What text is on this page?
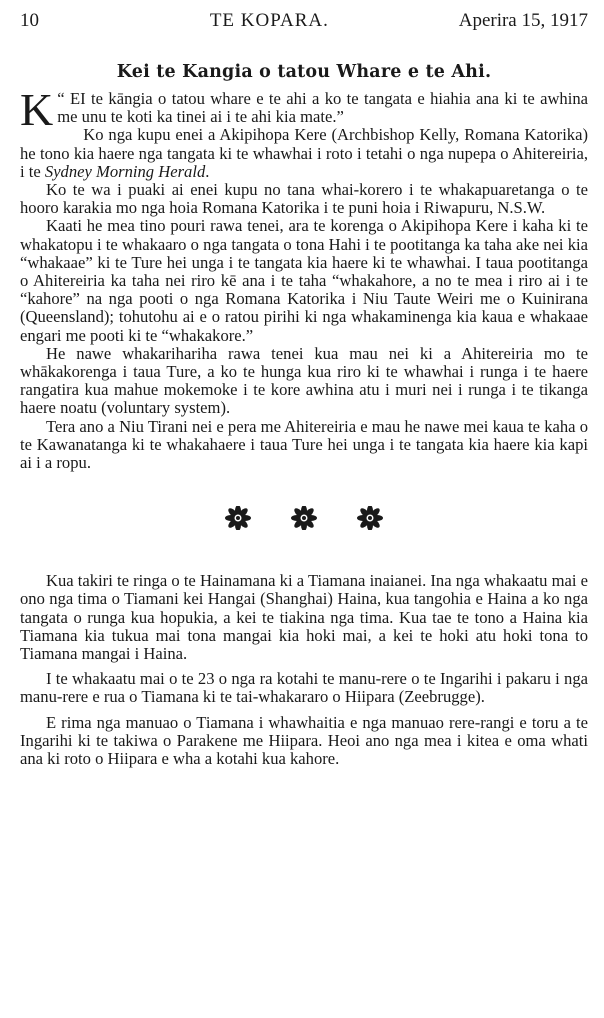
10	TE KOPARA.	Aperira 15, 1917
Kei te Kangia o tatou Whare e te Ahi.

“
K EI te kāngia o tatou whare e te ahi a ko te tangata e hiahia ana ki te awhina me unu te koti ka tinei ai i te ahi kia mate.”

Ko nga kupu enei a Akipihopa Kere (Archbishop Kelly, Romana Katorika) he tono kia haere nga tangata ki te whawhai i roto i tetahi o nga nupepa o Ahitereiria, i te Sydney Morning Herald.

Ko te wa i puaki ai enei kupu no tana whai-korero i te whakapuaretanga o te hooro karakia mo nga hoia Romana Katorika i te puni hoia i Riwapuru, N.S.W.

Kaati he mea tino pouri rawa tenei, ara te korenga o Akipihopa Kere i kaha ki te whakatopu i te whakaaro o nga tangata o tona Hahi i te pootitanga ka taha ake nei kia “whakaae” ki te Ture hei unga i te tangata kia haere ki te whawhai. I taua pootitanga o Ahitereiria ka taha nei riro kē ana i te taha “whakahore, a no te mea i riro ai i te “kahore” na nga pooti o nga Romana Katorika i Niu Taute Weiri me o Kuinirana (Queensland); tohutohu ai e o ratou pirihi ki nga whakaminenga kia kaua e whakaae engari me pooti ki te “whakakore.”

He nawe whakarihariha rawa tenei kua mau nei ki a Ahitereiria mo te whākakorenga i taua Ture, a ko te hunga kua riro ki te whawhai i runga i te haere rangatira kua mahue mokemoke i te kore awhina atu i muri nei i runga i te tikanga haere noatu (voluntary system).

Tera ano a Niu Tirani nei e pera me Ahitereiria e mau he nawe mei kaua te kaha o te Kawanatanga ki te whakahaere i taua Ture hei unga i te tangata kia haere kia kapi ai i a ropu.

Kua takiri te ringa o te Hainamana ki a Tiamana inaianei. Ina nga whakaatu mai e ono nga tima o Tiamani kei Hangai (Shanghai) Haina, kua tangohia e Haina a ko nga tangata o runga kua hopukia, a kei te tiakina nga tima. Kua tae te tono a Haina kia Tiamana kia tukua mai tona mangai kia hoki mai, a kei te hoki atu hoki tona to Tiamana mangai i Haina.

I te whakaatu mai o te 23 o nga ra kotahi te manu-rere o te Ingarihi i pakaru i nga manu-rere e rua o Tiamana ki te tai-whakararo o Hiipara (Zeebrugge).

E rima nga manuao o Tiamana i whawhaitia e nga manuao rere-rangi e toru a te Ingarihi ki te takiwa o Parakene me Hiipara. Heoi ano nga mea i kitea e oma whati ana ki roto o Hiipara e wha a kotahi kua kahore.
